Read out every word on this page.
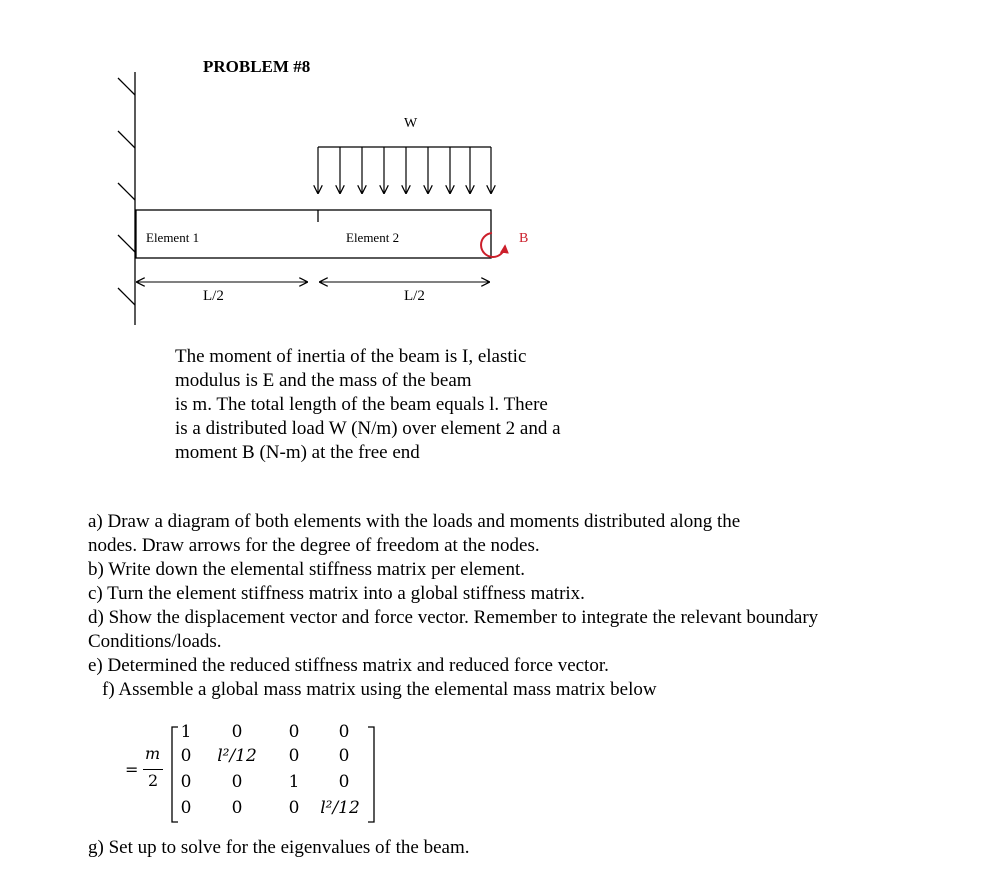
PROBLEM #8
W
Element 1	Element 2	B
L/2	L/2
The moment of inertia of the beam is I, elastic
modulus is E and the mass of the beam
is m. The total length of the beam equals l. There
is a distributed load W (N/m) over element 2 and a
moment B (N-m) at the free end
a) Draw a diagram of both elements with the loads and moments distributed along the
nodes. Draw arrows for the degree of freedom at the nodes.
b) Write down the elemental stiffness matrix per element.
c) Turn the element stiffness matrix into a global stiffness matrix.
d) Show the displacement vector and force vector. Remember to integrate the relevant boundary
Conditions/loads.
e) Determined the reduced stiffness matrix and reduced force vector.
f) Assemble a global mass matrix using the elemental mass matrix below
=
m
2
1 0	0 0
0 l²/12 0 0
0 0	1 0
0 0	0 l²/12
g) Set up to solve for the eigenvalues of the beam.
